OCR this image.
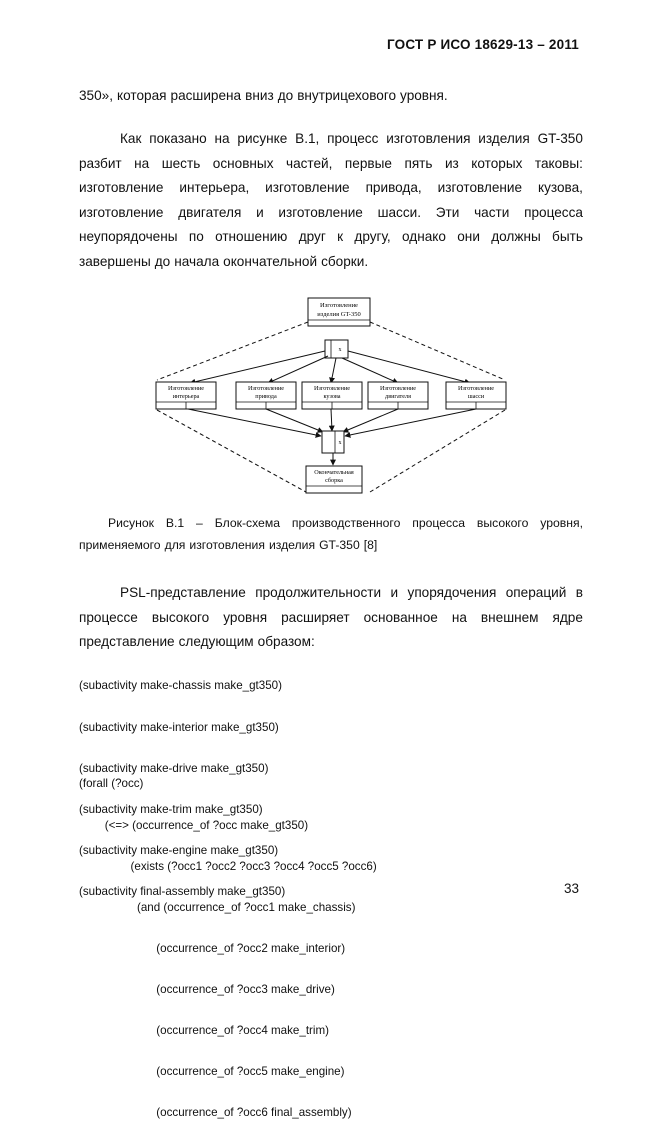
ГОСТ Р ИСО 18629-13 – 2011
350», которая расширена вниз до внутрицехового уровня.
Как показано на рисунке В.1, процесс изготовления изделия GT-350
разбит на шесть основных частей, первые пять из которых таковы:
изготовление интерьера, изготовление привода, изготовление кузова,
изготовление двигателя и изготовление шасси. Эти части процесса
неупорядочены по отношению друг к другу, однако они должны быть
завершены до начала окончательной сборки.
Изготовление
изделия GT-350
x
Изготовление
интерьера
Изготовление
привода
Изготовление
кузова
Изготовление
двигателя
Изготовление
шасси
x
Окончательная
сборка
Рисунок В.1 – Блок-схема производственного процесса высокого уровня,
применяемого для изготовления изделия GT-350 [8]
PSL-представление продолжительности и упорядочения операций в
процессе высокого уровня расширяет основанное на внешнем ядре
представление следующим образом:

(subactivity make-chassis make_gt350)

(subactivity make-interior make_gt350)

(subactivity make-drive make_gt350)

(subactivity make-trim make_gt350)

(subactivity make-engine make_gt350)

(subactivity final-assembly make_gt350)

(forall (?occ)

(<=> (occurrence_of ?occ make_gt350)

(exists (?occ1 ?occ2 ?occ3 ?occ4 ?occ5 ?occ6)

(and (occurrence_of ?occ1 make_chassis)

(occurrence_of ?occ2 make_interior)

(occurrence_of ?occ3 make_drive)

(occurrence_of ?occ4 make_trim)

(occurrence_of ?occ5 make_engine)

(occurrence_of ?occ6 final_assembly)

33
